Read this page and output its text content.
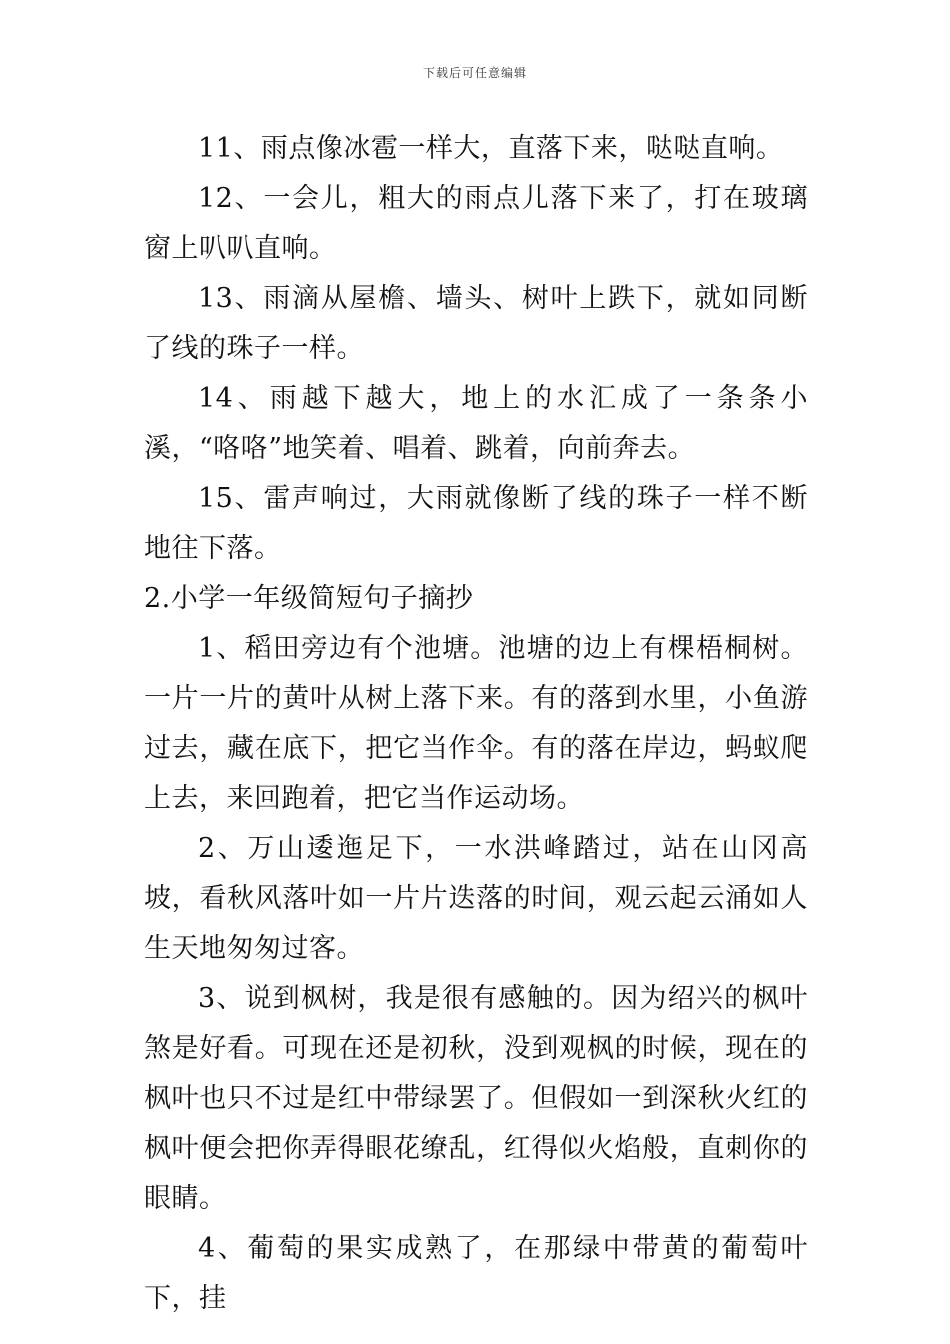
下载后可任意编辑

11、雨点像冰雹一样大，直落下来，哒哒直响。

12、一会儿，粗大的雨点儿落下来了，打在玻璃窗上叭叭直响。

13、雨滴从屋檐、墙头、树叶上跌下，就如同断了线的珠子一样。

14、雨越下越大，地上的水汇成了一条条小溪，“咯咯”地笑着、唱着、跳着，向前奔去。

15、雷声响过，大雨就像断了线的珠子一样不断地往下落。

2.小学一年级简短句子摘抄

1、稻田旁边有个池塘。池塘的边上有棵梧桐树。一片一片的黄叶从树上落下来。有的落到水里，小鱼游过去，藏在底下，把它当作伞。有的落在岸边，蚂蚁爬上去，来回跑着，把它当作运动场。

2、万山逶迤足下，一水洪峰踏过，站在山冈高坡，看秋风落叶如一片片迭落的时间，观云起云涌如人生天地匆匆过客。

3、说到枫树，我是很有感触的。因为绍兴的枫叶煞是好看。可现在还是初秋，没到观枫的时候，现在的枫叶也只不过是红中带绿罢了。但假如一到深秋火红的枫叶便会把你弄得眼花缭乱，红得似火焰般，直刺你的眼睛。

4、葡萄的果实成熟了，在那绿中带黄的葡萄叶下，挂
